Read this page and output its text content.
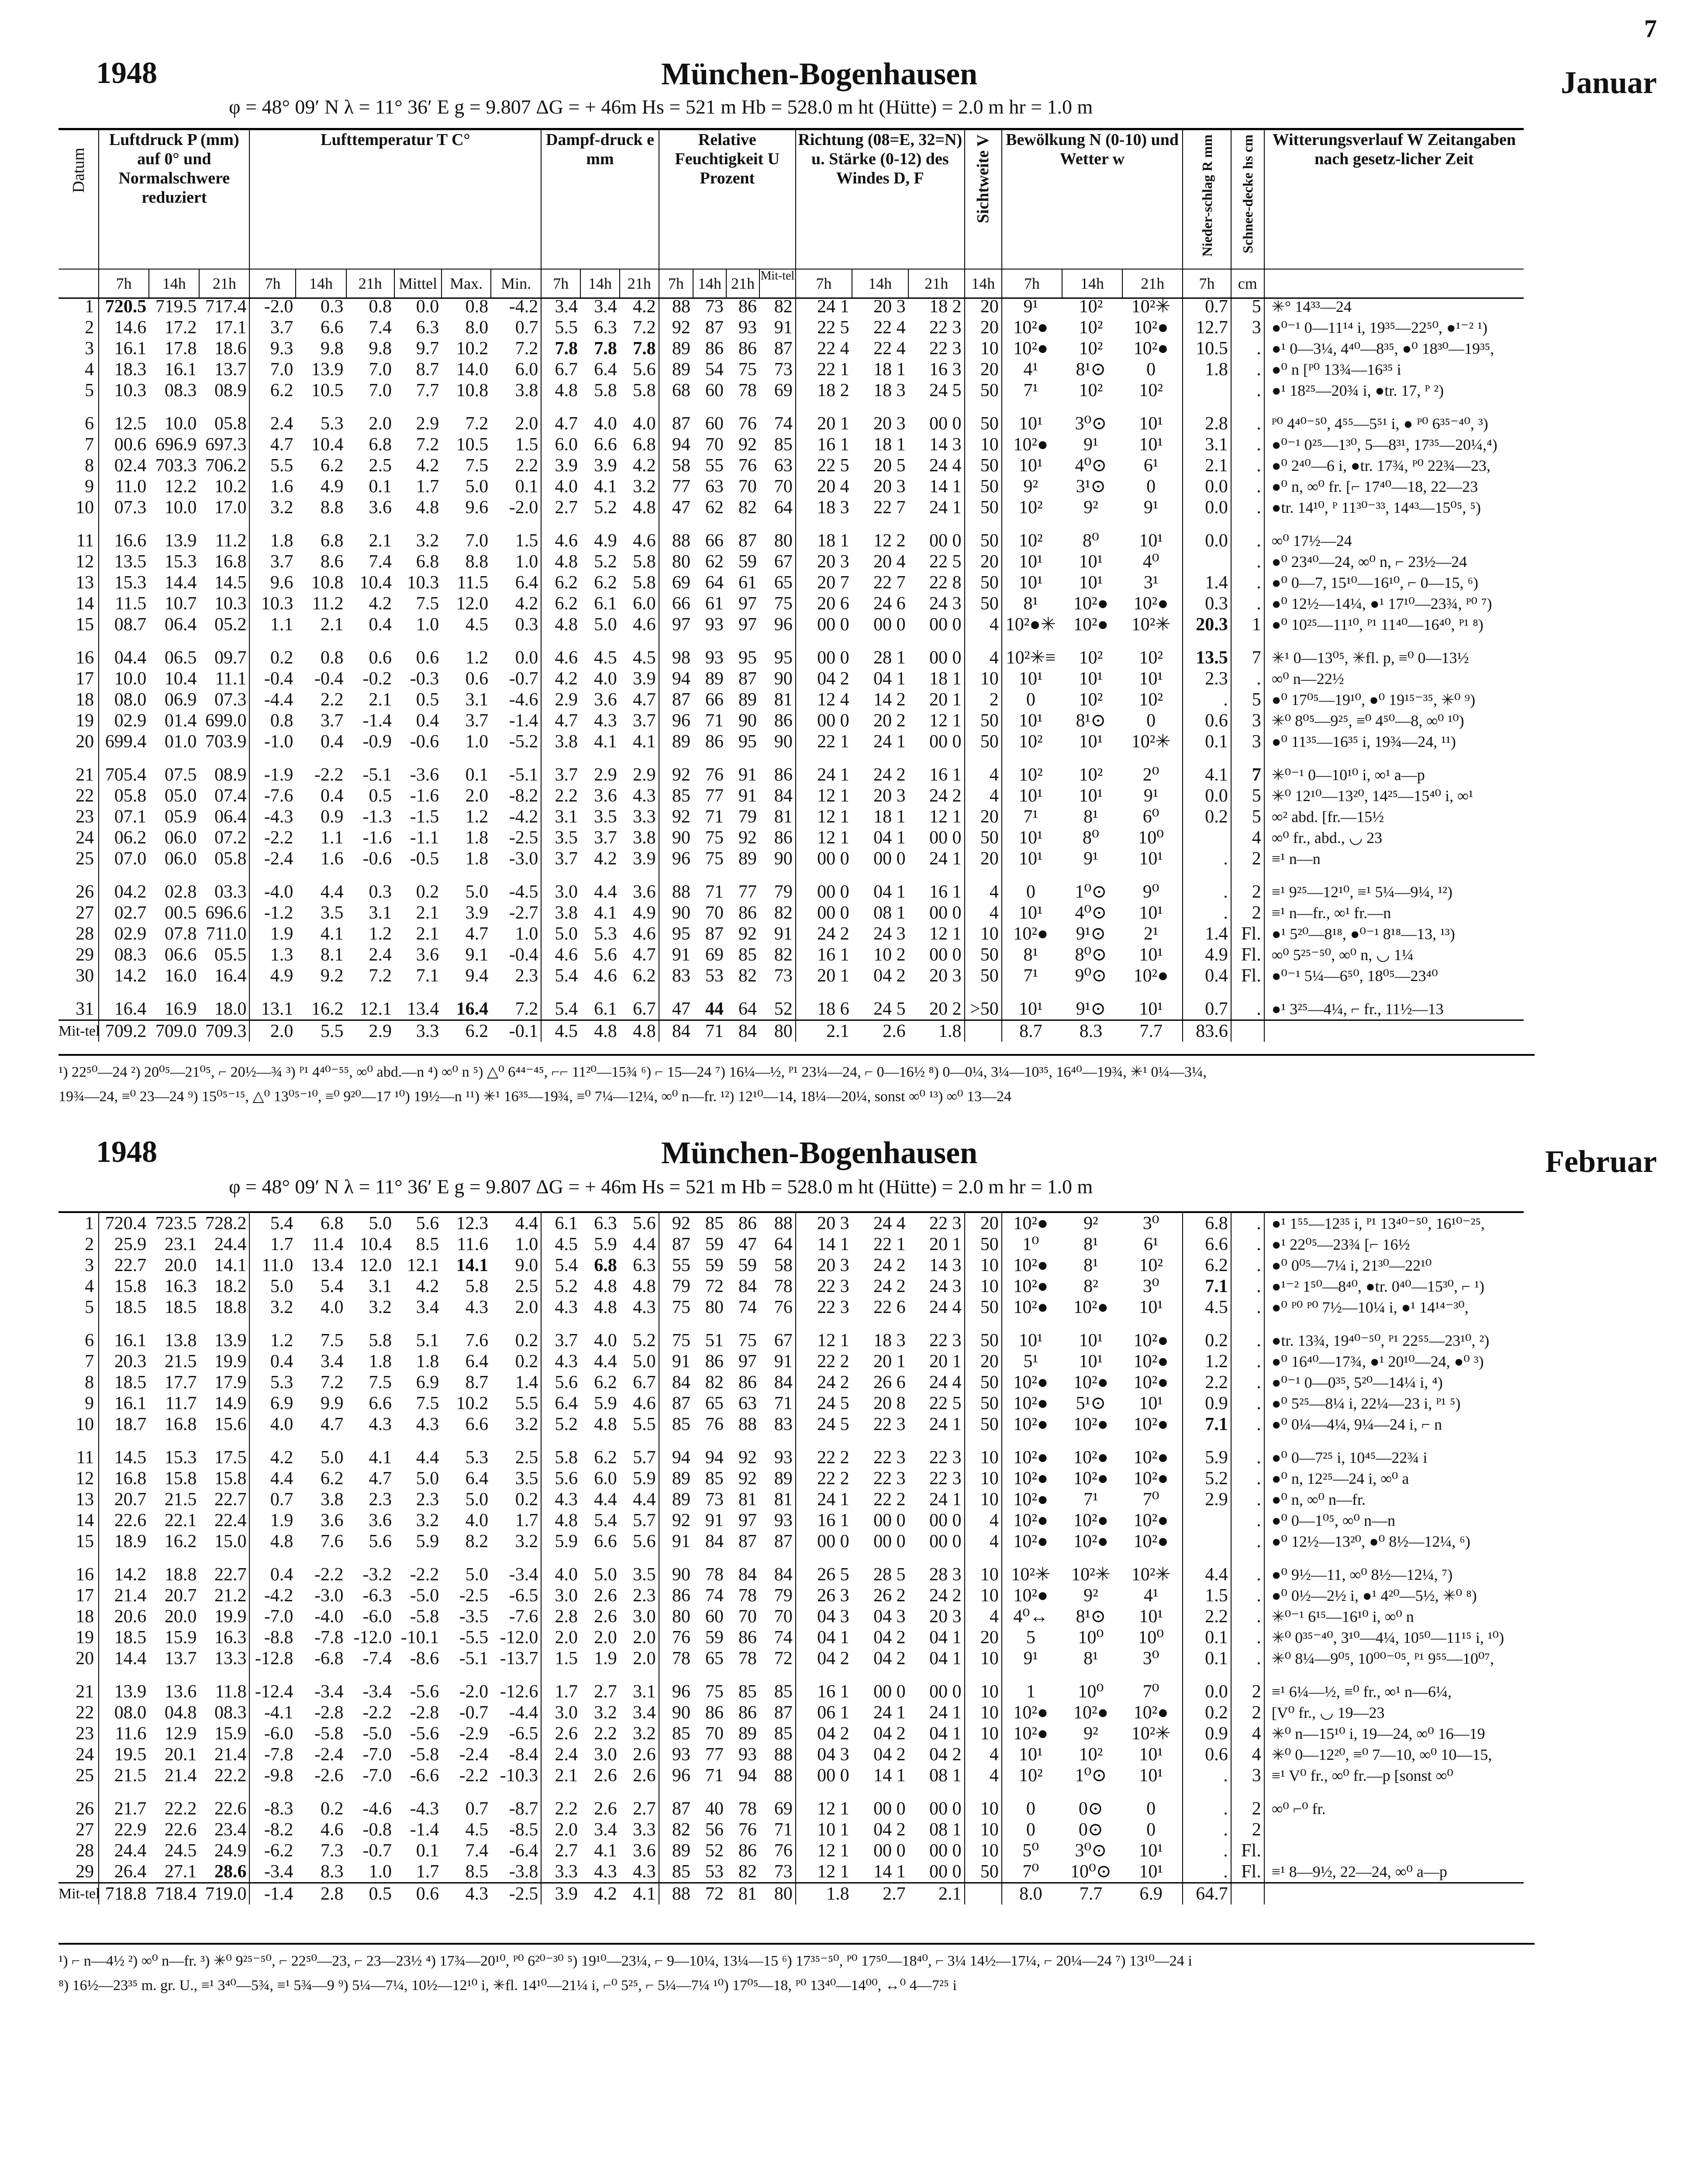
7
1948	München-Bogenhausen	Januar
φ = 48° 09′ N λ = 11° 36′ E g = 9.807 ΔG = + 46m Hs = 521 m Hb = 528.0 m ht (Hütte) = 2.0 m hr = 1.0 m
Datum	Luftdruck P (mm) auf 0° und Normalschwere reduziert			Lufttemperatur T C°						Dampf-druck e mm			Relative Feuchtigkeit U Prozent				Richtung (08=E, 32=N) u. Stärke (0-12) des Windes D, F			Sichtweite V	Bewölkung N (0-10) und Wetter w			Nieder-schlag R mm	Schnee-decke hs cm	Witterungsverlauf W Zeitangaben nach gesetz-licher Zeit
	7h	14h	21h	7h	14h	21h	Mittel	Max.	Min.	7h	14h	21h	7h	14h	21h	Mit-tel	7h	14h	21h	14h	7h	14h	21h	7h	cm	
1	720.5	719.5	717.4	-2.0	0.3	0.8	0.0	0.8	-4.2	3.4	3.4	4.2	88	73	86	82	24 1	20 3	18 2	20	9¹	10²	10²✳	0.7	5	✳° 14³³—24
2	14.6	17.2	17.1	3.7	6.6	7.4	6.3	8.0	0.7	5.5	6.3	7.2	92	87	93	91	22 5	22 4	22 3	20	10²●	10²	10²●	12.7	3	●⁰⁻¹ 0—11¹⁴ i, 19³⁵—22⁵⁰, ●¹⁻² ¹)
3	16.1	17.8	18.6	9.3	9.8	9.8	9.7	10.2	7.2	7.8	7.8	7.8	89	86	86	87	22 4	22 4	22 3	10	10²●	10²	10²●	10.5	.	●¹ 0—3¼, 4⁴⁰—8³⁵, ●⁰ 18³⁰—19³⁵,
4	18.3	16.1	13.7	7.0	13.9	7.0	8.7	14.0	6.0	6.7	6.4	5.6	89	54	75	73	22 1	18 1	16 3	20	4¹	8¹⊙	0	1.8	.	●⁰ n [ᴾ⁰ 13¾—16³⁵ i
5	10.3	08.3	08.9	6.2	10.5	7.0	7.7	10.8	3.8	4.8	5.8	5.8	68	60	78	69	18 2	18 3	24 5	50	7¹	10²	10²		.	●¹ 18²⁵—20¾ i, ●tr. 17, ᴾ ²)

6	12.5	10.0	05.8	2.4	5.3	2.0	2.9	7.2	2.0	4.7	4.0	4.0	87	60	76	74	20 1	20 3	00 0	50	10¹	3⁰⊙	10¹	2.8	.	ᴾ⁰ 4⁴⁰⁻⁵⁰, 4⁵⁵—5⁵¹ i, ● ᴾ⁰ 6³⁵⁻⁴⁰, ³)
7	00.6	696.9	697.3	4.7	10.4	6.8	7.2	10.5	1.5	6.0	6.6	6.8	94	70	92	85	16 1	18 1	14 3	10	10²●	9¹	10¹	3.1	.	●⁰⁻¹ 0²⁵—1³⁰, 5—8³¹, 17³⁵—20¼,⁴)
8	02.4	703.3	706.2	5.5	6.2	2.5	4.2	7.5	2.2	3.9	3.9	4.2	58	55	76	63	22 5	20 5	24 4	50	10¹	4⁰⊙	6¹	2.1	.	●⁰ 2⁴⁰—6 i, ●tr. 17¾, ᴾ⁰ 22¾—23,
9	11.0	12.2	10.2	1.6	4.9	0.1	1.7	5.0	0.1	4.0	4.1	3.2	77	63	70	70	20 4	20 3	14 1	50	9²	3¹⊙	0	0.0	.	●⁰ n, ∞⁰ fr. [⌐ 17⁴⁰—18, 22—23
10	07.3	10.0	17.0	3.2	8.8	3.6	4.8	9.6	-2.0	2.7	5.2	4.8	47	62	82	64	18 3	22 7	24 1	50	10²	9²	9¹	0.0	.	●tr. 14¹⁰, ᴾ 11³⁰⁻³³, 14⁴³—15⁰⁵, ⁵)

11	16.6	13.9	11.2	1.8	6.8	2.1	3.2	7.0	1.5	4.6	4.9	4.6	88	66	87	80	18 1	12 2	00 0	50	10²	8⁰	10¹	0.0	.	∞⁰ 17½—24
12	13.5	15.3	16.8	3.7	8.6	7.4	6.8	8.8	1.0	4.8	5.2	5.8	80	62	59	67	20 3	20 4	22 5	20	10¹	10¹	4⁰		.	●⁰ 23⁴⁰—24, ∞⁰ n, ⌐ 23½—24
13	15.3	14.4	14.5	9.6	10.8	10.4	10.3	11.5	6.4	6.2	6.2	5.8	69	64	61	65	20 7	22 7	22 8	50	10¹	10¹	3¹	1.4	.	●⁰ 0—7, 15¹⁰—16¹⁰, ⌐ 0—15, ⁶)
14	11.5	10.7	10.3	10.3	11.2	4.2	7.5	12.0	4.2	6.2	6.1	6.0	66	61	97	75	20 6	24 6	24 3	50	8¹	10²●	10²●	0.3	.	●⁰ 12½—14¼, ●¹ 17¹⁰—23¾, ᴾ⁰ ⁷)
15	08.7	06.4	05.2	1.1	2.1	0.4	1.0	4.5	0.3	4.8	5.0	4.6	97	93	97	96	00 0	00 0	00 0	4	10²●✳	10²●	10²✳	20.3	1	●⁰ 10²⁵—11¹⁰, ᴾ¹ 11⁴⁰—16⁴⁰, ᴾ¹ ⁸)

16	04.4	06.5	09.7	0.2	0.8	0.6	0.6	1.2	0.0	4.6	4.5	4.5	98	93	95	95	00 0	28 1	00 0	4	10²✳≡	10²	10²	13.5	7	✳¹ 0—13⁰⁵, ✳fl. p, ≡⁰ 0—13½
17	10.0	10.4	11.1	-0.4	-0.4	-0.2	-0.3	0.6	-0.7	4.2	4.0	3.9	94	89	87	90	04 2	04 1	18 1	10	10¹	10¹	10¹	2.3	.	∞⁰ n—22½
18	08.0	06.9	07.3	-4.4	2.2	2.1	0.5	3.1	-4.6	2.9	3.6	4.7	87	66	89	81	12 4	14 2	20 1	2	0	10²	10²	.	5	●⁰ 17⁰⁵—19¹⁰, ●⁰ 19¹⁵⁻³⁵, ✳⁰ ⁹)
19	02.9	01.4	699.0	0.8	3.7	-1.4	0.4	3.7	-1.4	4.7	4.3	3.7	96	71	90	86	00 0	20 2	12 1	50	10¹	8¹⊙	0	0.6	3	✳⁰ 8⁰⁵—9²⁵, ≡⁰ 4⁵⁰—8, ∞⁰ ¹⁰)
20	699.4	01.0	703.9	-1.0	0.4	-0.9	-0.6	1.0	-5.2	3.8	4.1	4.1	89	86	95	90	22 1	24 1	00 0	50	10²	10¹	10²✳	0.1	3	●⁰ 11³⁵—16³⁵ i, 19¾—24, ¹¹)

21	705.4	07.5	08.9	-1.9	-2.2	-5.1	-3.6	0.1	-5.1	3.7	2.9	2.9	92	76	91	86	24 1	24 2	16 1	4	10²	10²	2⁰	4.1	7	✳⁰⁻¹ 0—10¹⁰ i, ∞¹ a—p
22	05.8	05.0	07.4	-7.6	0.4	0.5	-1.6	2.0	-8.2	2.2	3.6	4.3	85	77	91	84	12 1	20 3	24 2	4	10¹	10¹	9¹	0.0	5	✳⁰ 12¹⁰—13²⁰, 14²⁵—15⁴⁰ i, ∞¹
23	07.1	05.9	06.4	-4.3	0.9	-1.3	-1.5	1.2	-4.2	3.1	3.5	3.3	92	71	79	81	12 1	18 1	12 1	20	7¹	8¹	6⁰	0.2	5	∞² abd. [fr.—15½
24	06.2	06.0	07.2	-2.2	1.1	-1.6	-1.1	1.8	-2.5	3.5	3.7	3.8	90	75	92	86	12 1	04 1	00 0	50	10¹	8⁰	10⁰		4	∞⁰ fr., abd., ◡ 23
25	07.0	06.0	05.8	-2.4	1.6	-0.6	-0.5	1.8	-3.0	3.7	4.2	3.9	96	75	89	90	00 0	00 0	24 1	20	10¹	9¹	10¹	.	2	≡¹ n—n

26	04.2	02.8	03.3	-4.0	4.4	0.3	0.2	5.0	-4.5	3.0	4.4	3.6	88	71	77	79	00 0	04 1	16 1	4	0	1⁰⊙	9⁰	.	2	≡¹ 9²⁵—12¹⁰, ≡¹ 5¼—9¼, ¹²)
27	02.7	00.5	696.6	-1.2	3.5	3.1	2.1	3.9	-2.7	3.8	4.1	4.9	90	70	86	82	00 0	08 1	00 0	4	10¹	4⁰⊙	10¹	.	2	≡¹ n—fr., ∞¹ fr.—n
28	02.9	07.8	711.0	1.9	4.1	1.2	2.1	4.7	1.0	5.0	5.3	4.6	95	87	92	91	24 2	24 3	12 1	10	10²●	9¹⊙	2¹	1.4	Fl.	●¹ 5²⁰—8¹⁸, ●⁰⁻¹ 8¹⁸—13, ¹³)
29	08.3	06.6	05.5	1.3	8.1	2.4	3.6	9.1	-0.4	4.6	5.6	4.7	91	69	85	82	16 1	10 2	00 0	50	8¹	8⁰⊙	10¹	4.9	Fl.	∞⁰ 5²⁵⁻⁵⁰, ∞⁰ n, ◡ 1¼
30	14.2	16.0	16.4	4.9	9.2	7.2	7.1	9.4	2.3	5.4	4.6	6.2	83	53	82	73	20 1	04 2	20 3	50	7¹	9⁰⊙	10²●	0.4	Fl.	●⁰⁻¹ 5¼—6⁵⁰, 18⁰⁵—23⁴⁰

31	16.4	16.9	18.0	13.1	16.2	12.1	13.4	16.4	7.2	5.4	6.1	6.7	47	44	64	52	18 6	24 5	20 2	>50	10¹	9¹⊙	10¹	0.7	.	●¹ 3²⁵—4¼, ⌐ fr., 11½—13
Mit-tel	709.2	709.0	709.3	2.0	5.5	2.9	3.3	6.2	-0.1	4.5	4.8	4.8	84	71	84	80	2.1	2.6	1.8		8.7	8.3	7.7	83.6		
¹) 22⁵⁰—24 ²) 20⁰⁵—21⁰⁵, ⌐ 20½—¾ ³) ᴾ¹ 4⁴⁰⁻⁵⁵, ∞⁰ abd.—n ⁴) ∞⁰ n ⁵) △⁰ 6⁴⁴⁻⁴⁵, ⌐⌐ 11²⁰—15¾ ⁶) ⌐ 15—24 ⁷) 16¼—½, ᴾ¹ 23¼—24, ⌐ 0—16½ ⁸) 0—0¼, 3¼—10³⁵, 16⁴⁰—19¾, ✳¹ 0¼—3¼,
19¾—24, ≡⁰ 23—24 ⁹) 15⁰⁵⁻¹⁵, △⁰ 13⁰⁵⁻¹⁰, ≡⁰ 9²⁰—17 ¹⁰) 19½—n ¹¹) ✳¹ 16³⁵—19¾, ≡⁰ 7¼—12¼, ∞⁰ n—fr. ¹²) 12¹⁰—14, 18¼—20¼, sonst ∞⁰ ¹³) ∞⁰ 13—24
1948	München-Bogenhausen	Februar
φ = 48° 09′ N λ = 11° 36′ E g = 9.807 ΔG = + 46m Hs = 521 m Hb = 528.0 m ht (Hütte) = 2.0 m hr = 1.0 m
1	720.4	723.5	728.2	5.4	6.8	5.0	5.6	12.3	4.4	6.1	6.3	5.6	92	85	86	88	20 3	24 4	22 3	20	10²●	9²	3⁰	6.8	.	●¹ 1⁵⁵—12³⁵ i, ᴾ¹ 13⁴⁰⁻⁵⁰, 16¹⁰⁻²⁵,
2	25.9	23.1	24.4	1.7	11.4	10.4	8.5	11.6	1.0	4.5	5.9	4.4	87	59	47	64	14 1	22 1	20 1	50	1⁰	8¹	6¹	6.6	.	●¹ 22⁰⁵—23¾ [⌐ 16½
3	22.7	20.0	14.1	11.0	13.4	12.0	12.1	14.1	9.0	5.4	6.8	6.3	55	59	59	58	20 3	24 2	14 3	10	10²●	8¹	10²	6.2	.	●⁰ 0⁰⁵—7¼ i, 21³⁰—22¹⁰
4	15.8	16.3	18.2	5.0	5.4	3.1	4.2	5.8	2.5	5.2	4.8	4.8	79	72	84	78	22 3	24 2	24 3	10	10²●	8²	3⁰	7.1	.	●¹⁻² 1⁵⁰—8⁴⁰, ●tr. 0⁴⁰—15³⁰, ⌐ ¹)
5	18.5	18.5	18.8	3.2	4.0	3.2	3.4	4.3	2.0	4.3	4.8	4.3	75	80	74	76	22 3	22 6	24 4	50	10²●	10²●	10¹	4.5	.	●⁰ ᴾ⁰ ᴾ⁰ 7½—10¼ i, ●¹ 14¹⁴⁻³⁰,

6	16.1	13.8	13.9	1.2	7.5	5.8	5.1	7.6	0.2	3.7	4.0	5.2	75	51	75	67	12 1	18 3	22 3	50	10¹	10¹	10²●	0.2	.	●tr. 13¾, 19⁴⁰⁻⁵⁰, ᴾ¹ 22⁵⁵—23¹⁰, ²)
7	20.3	21.5	19.9	0.4	3.4	1.8	1.8	6.4	0.2	4.3	4.4	5.0	91	86	97	91	22 2	20 1	20 1	20	5¹	10¹	10²●	1.2	.	●⁰ 16⁴⁰—17¾, ●¹ 20¹⁰—24, ●⁰ ³)
8	18.5	17.7	17.9	5.3	7.2	7.5	6.9	8.7	1.4	5.6	6.2	6.7	84	82	86	84	24 2	26 6	24 4	50	10²●	10²●	10²●	2.2	.	●⁰⁻¹ 0—0³⁵, 5²⁰—14¼ i, ⁴)
9	16.1	11.7	14.9	6.9	9.9	6.6	7.5	10.2	5.5	6.4	5.9	4.6	87	65	63	71	24 5	20 8	22 5	50	10²●	5¹⊙	10¹	0.9	.	●⁰ 5²⁵—8¼ i, 22¼—23 i, ᴾ¹ ⁵)
10	18.7	16.8	15.6	4.0	4.7	4.3	4.3	6.6	3.2	5.2	4.8	5.5	85	76	88	83	24 5	22 3	24 1	50	10²●	10²●	10²●	7.1	.	●⁰ 0¼—4¼, 9¼—24 i, ⌐ n

11	14.5	15.3	17.5	4.2	5.0	4.1	4.4	5.3	2.5	5.8	6.2	5.7	94	94	92	93	22 2	22 3	22 3	10	10²●	10²●	10²●	5.9	.	●⁰ 0—7²⁵ i, 10⁴⁵—22¾ i
12	16.8	15.8	15.8	4.4	6.2	4.7	5.0	6.4	3.5	5.6	6.0	5.9	89	85	92	89	22 2	22 3	22 3	10	10²●	10²●	10²●	5.2	.	●⁰ n, 12²⁵—24 i, ∞⁰ a
13	20.7	21.5	22.7	0.7	3.8	2.3	2.3	5.0	0.2	4.3	4.4	4.4	89	73	81	81	24 1	22 2	24 1	10	10²●	7¹	7⁰	2.9	.	●⁰ n, ∞⁰ n—fr.
14	22.6	22.1	22.4	1.9	3.6	3.6	3.2	4.0	1.7	4.8	5.4	5.7	92	91	97	93	16 1	00 0	00 0	4	10²●	10²●	10²●		.	●⁰ 0—1⁰⁵, ∞⁰ n—n
15	18.9	16.2	15.0	4.8	7.6	5.6	5.9	8.2	3.2	5.9	6.6	5.6	91	84	87	87	00 0	00 0	00 0	4	10²●	10²●	10²●		.	●⁰ 12½—13²⁰, ●⁰ 8½—12¼, ⁶)

16	14.2	18.8	22.7	0.4	-2.2	-3.2	-2.2	5.0	-3.4	4.0	5.0	3.5	90	78	84	84	26 5	28 5	28 3	10	10²✳	10²✳	10²✳	4.4	.	●⁰ 9½—11, ∞⁰ 8½—12¼, ⁷)
17	21.4	20.7	21.2	-4.2	-3.0	-6.3	-5.0	-2.5	-6.5	3.0	2.6	2.3	86	74	78	79	26 3	26 2	24 2	10	10²●	9²	4¹	1.5	.	●⁰ 0½—2½ i, ●¹ 4²⁰—5½, ✳⁰ ⁸)
18	20.6	20.0	19.9	-7.0	-4.0	-6.0	-5.8	-3.5	-7.6	2.8	2.6	3.0	80	60	70	70	04 3	04 3	20 3	4	4⁰↔	8¹⊙	10¹	2.2	.	✳⁰⁻¹ 6¹⁵—16¹⁰ i, ∞⁰ n
19	18.5	15.9	16.3	-8.8	-7.8	-12.0	-10.1	-5.5	-12.0	2.0	2.0	2.0	76	59	86	74	04 1	04 2	04 1	20	5	10⁰	10⁰	0.1	.	✳⁰ 0³⁵⁻⁴⁰, 3¹⁰—4¼, 10⁵⁰—11¹⁵ i, ¹⁰)
20	14.4	13.7	13.3	-12.8	-6.8	-7.4	-8.6	-5.1	-13.7	1.5	1.9	2.0	78	65	78	72	04 2	04 2	04 1	10	9¹	8¹	3⁰	0.1	.	✳⁰ 8¼—9⁰⁵, 10⁰⁰⁻⁰⁵, ᴾ¹ 9⁵⁵—10⁰⁷,

21	13.9	13.6	11.8	-12.4	-3.4	-3.4	-5.6	-2.0	-12.6	1.7	2.7	3.1	96	75	85	85	16 1	00 0	00 0	10	1	10⁰	7⁰	0.0	2	≡¹ 6¼—½, ≡⁰ fr., ∞¹ n—6¼,
22	08.0	04.8	08.3	-4.1	-2.8	-2.2	-2.8	-0.7	-4.4	3.0	3.2	3.4	90	86	86	87	06 1	24 1	24 1	10	10²●	10²●	10²●	0.2	2	[V⁰ fr., ◡ 19—23
23	11.6	12.9	15.9	-6.0	-5.8	-5.0	-5.6	-2.9	-6.5	2.6	2.2	3.2	85	70	89	85	04 2	04 2	04 1	10	10²●	9²	10²✳	0.9	4	✳⁰ n—15¹⁰ i, 19—24, ∞⁰ 16—19
24	19.5	20.1	21.4	-7.8	-2.4	-7.0	-5.8	-2.4	-8.4	2.4	3.0	2.6	93	77	93	88	04 3	04 2	04 2	4	10¹	10²	10¹	0.6	4	✳⁰ 0—12²⁰, ≡⁰ 7—10, ∞⁰ 10—15,
25	21.5	21.4	22.2	-9.8	-2.6	-7.0	-6.6	-2.2	-10.3	2.1	2.6	2.6	96	71	94	88	00 0	14 1	08 1	4	10²	1⁰⊙	10¹	.	3	≡¹ V⁰ fr., ∞⁰ fr.—p [sonst ∞⁰

26	21.7	22.2	22.6	-8.3	0.2	-4.6	-4.3	0.7	-8.7	2.2	2.6	2.7	87	40	78	69	12 1	00 0	00 0	10	0	0⊙	0	.	2	∞⁰ ⌐⁰ fr.
27	22.9	22.6	23.4	-8.2	4.6	-0.8	-1.4	4.5	-8.5	2.0	3.4	3.3	82	56	76	71	10 1	04 2	08 1	10	0	0⊙	0	.	2	
28	24.4	24.5	24.9	-6.2	7.3	-0.7	0.1	7.4	-6.4	2.7	4.1	3.6	89	52	86	76	12 1	00 0	00 0	10	5⁰	3⁰⊙	10¹	.	Fl.	
29	26.4	27.1	28.6	-3.4	8.3	1.0	1.7	8.5	-3.8	3.3	4.3	4.3	85	53	82	73	12 1	14 1	00 0	50	7⁰	10⁰⊙	10¹	.	Fl.	≡¹ 8—9½, 22—24, ∞⁰ a—p
Mit-tel	718.8	718.4	719.0	-1.4	2.8	0.5	0.6	4.3	-2.5	3.9	4.2	4.1	88	72	81	80	1.8	2.7	2.1		8.0	7.7	6.9	64.7		
¹) ⌐ n—4½ ²) ∞⁰ n—fr. ³) ✳⁰ 9²⁵⁻⁵⁰, ⌐ 22⁵⁰—23, ⌐ 23—23½ ⁴) 17¾—20¹⁰, ᴾ⁰ 6²⁰⁻³⁰ ⁵) 19¹⁰—23¼, ⌐ 9—10¼, 13¼—15 ⁶) 17³⁵⁻⁵⁰, ᴾ⁰ 17⁵⁰—18⁴⁰, ⌐ 3¼ 14½—17¼, ⌐ 20¼—24 ⁷) 13¹⁰—24 i
⁸) 16½—23³⁵ m. gr. U., ≡¹ 3⁴⁰—5¾, ≡¹ 5¾—9 ⁹) 5¼—7¼, 10½—12¹⁰ i, ✳fl. 14¹⁰—21¼ i, ⌐⁰ 5²⁵, ⌐ 5¼—7¼ ¹⁰) 17⁰⁵—18, ᴾ⁰ 13⁴⁰—14⁰⁰, ↔⁰ 4—7²⁵ i
